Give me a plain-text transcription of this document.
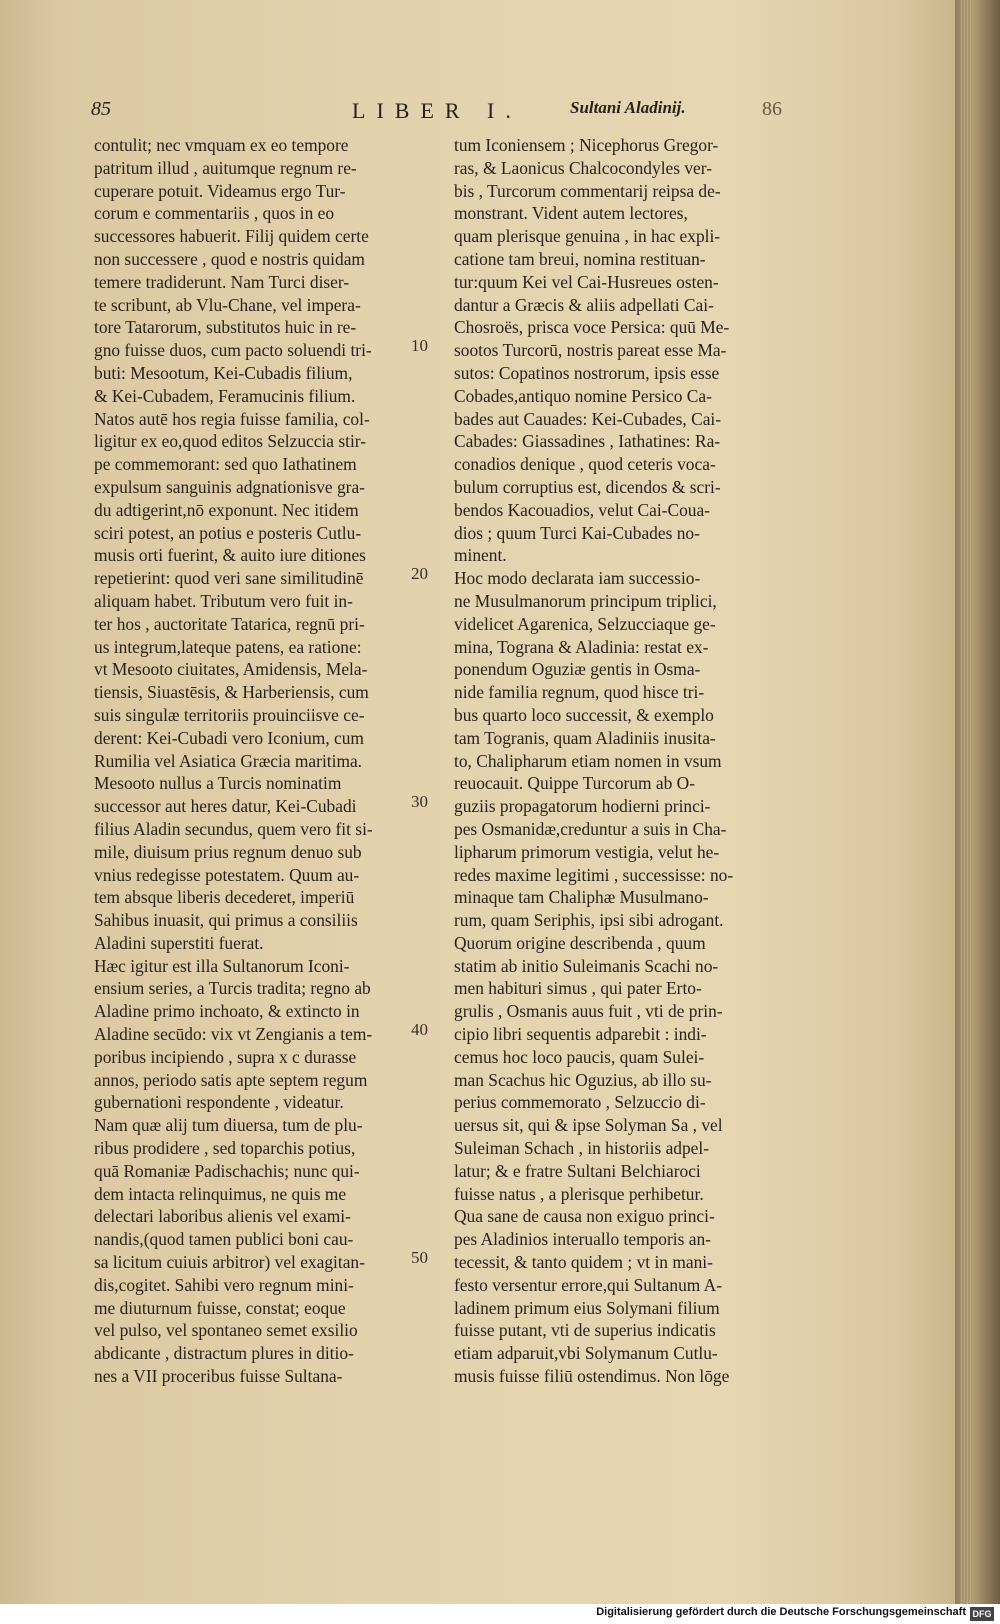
85	LIBER I.	Sultani Aladinij.	86
contulit; nec vmquam ex eo tempore
patritum illud , auitumque regnum re-
cuperare potuit. Videamus ergo Tur-
corum e commentariis , quos in eo
successores habuerit. Filij quidem certe
non successere , quod e nostris quidam
temere tradiderunt. Nam Turci diser-
te scribunt, ab Vlu-Chane, vel impera-
tore Tatarorum, substitutos huic in re-
gno fuisse duos, cum pacto soluendi tri-
buti: Mesootum, Kei-Cubadis filium,
& Kei-Cubadem, Feramucinis filium.
Natos autē hos regia fuisse familia, col-
ligitur ex eo,quod editos Selzuccia stir-
pe commemorant: sed quo Iathatinem
expulsum sanguinis adgnationisve gra-
du adtigerint,nō exponunt. Nec itidem
sciri potest, an potius e posteris Cutlu-
musis orti fuerint, & auito iure ditiones
repetierint: quod veri sane similitudinē
aliquam habet. Tributum vero fuit in-
ter hos , auctoritate Tatarica, regnū pri-
us integrum,lateque patens, ea ratione:
vt Mesooto ciuitates, Amidensis, Mela-
tiensis, Siuastēsis, & Harberiensis, cum
suis singulæ territoriis prouinciisve ce-
derent: Kei-Cubadi vero Iconium, cum
Rumilia vel Asiatica Græcia maritima.
Mesooto nullus a Turcis nominatim
successor aut heres datur, Kei-Cubadi
filius Aladin secundus, quem vero fit si-
mile, diuisum prius regnum denuo sub
vnius redegisse potestatem. Quum au-
tem absque liberis decederet, imperiū
Sahibus inuasit, qui primus a consiliis
Aladini superstiti fuerat.
Hæc igitur est illa Sultanorum Iconi-
ensium series, a Turcis tradita; regno ab
Aladine primo inchoato, & extincto in
Aladine secūdo: vix vt Zengianis a tem-
poribus incipiendo , supra x c durasse
annos, periodo satis apte septem regum
gubernationi respondente , videatur.
Nam quæ alij tum diuersa, tum de plu-
ribus prodidere , sed toparchis potius,
quā Romaniæ Padischachis; nunc qui-
dem intacta relinquimus, ne quis me
delectari laboribus alienis vel exami-
nandis,(quod tamen publici boni cau-
sa licitum cuiuis arbitror) vel exagitan-
dis,cogitet. Sahibi vero regnum mini-
me diuturnum fuisse, constat; eoque
vel pulso, vel spontaneo semet exsilio
abdicante , distractum plures in ditio-
nes a VII proceribus fuisse Sultana-
tum Iconiensem ; Nicephorus Gregor-
ras, & Laonicus Chalcocondyles ver-
bis , Turcorum commentarij reipsa de-
monstrant. Vident autem lectores,
quam plerisque genuina , in hac expli-
catione tam breui, nomina restituan-
tur:quum Kei vel Cai-Husreues osten-
dantur a Græcis & aliis adpellati Cai-
Chosroës, prisca voce Persica: quū Me-
sootos Turcorū, nostris pareat esse Ma-
sutos: Copatinos nostrorum, ipsis esse
Cobades,antiquo nomine Persico Ca-
bades aut Cauades: Kei-Cubades, Cai-
Cabades: Giassadines , Iathatines: Ra-
conadios denique , quod ceteris voca-
bulum corruptius est, dicendos & scri-
bendos Kacouadios, velut Cai-Coua-
dios ; quum Turci Kai-Cubades no-
minent.
Hoc modo declarata iam successio-
ne Musulmanorum principum triplici,
videlicet Agarenica, Selzucciaque ge-
mina, Tograna & Aladinia: restat ex-
ponendum Oguziæ gentis in Osma-
nide familia regnum, quod hisce tri-
bus quarto loco successit, & exemplo
tam Togranis, quam Aladiniis inusita-
to, Chalipharum etiam nomen in vsum
reuocauit. Quippe Turcorum ab O-
guziis propagatorum hodierni princi-
pes Osmanidæ,creduntur a suis in Cha-
lipharum primorum vestigia, velut he-
redes maxime legitimi , successisse: no-
minaque tam Chaliphæ Musulmano-
rum, quam Seriphis, ipsi sibi adrogant.
Quorum origine describenda , quum
statim ab initio Suleimanis Scachi no-
men habituri simus , qui pater Erto-
grulis , Osmanis auus fuit , vti de prin-
cipio libri sequentis adparebit : indi-
cemus hoc loco paucis, quam Sulei-
man Scachus hic Oguzius, ab illo su-
perius commemorato , Selzuccio di-
uersus sit, qui & ipse Solyman Sa , vel
Suleiman Schach , in historiis adpel-
latur; & e fratre Sultani Belchiaroci
fuisse natus , a plerisque perhibetur.
Qua sane de causa non exiguo princi-
pes Aladinios interuallo temporis an-
tecessit, & tanto quidem ; vt in mani-
festo versentur errore,qui Sultanum A-
ladinem primum eius Solymani filium
fuisse putant, vti de superius indicatis
etiam adparuit,vbi Solymanum Cutlu-
musis fuisse filiū ostendimus. Non lōge
10
20
30
40
50
Digitalisierung gefördert durch die Deutsche Forschungsgemeinschaft DFG
